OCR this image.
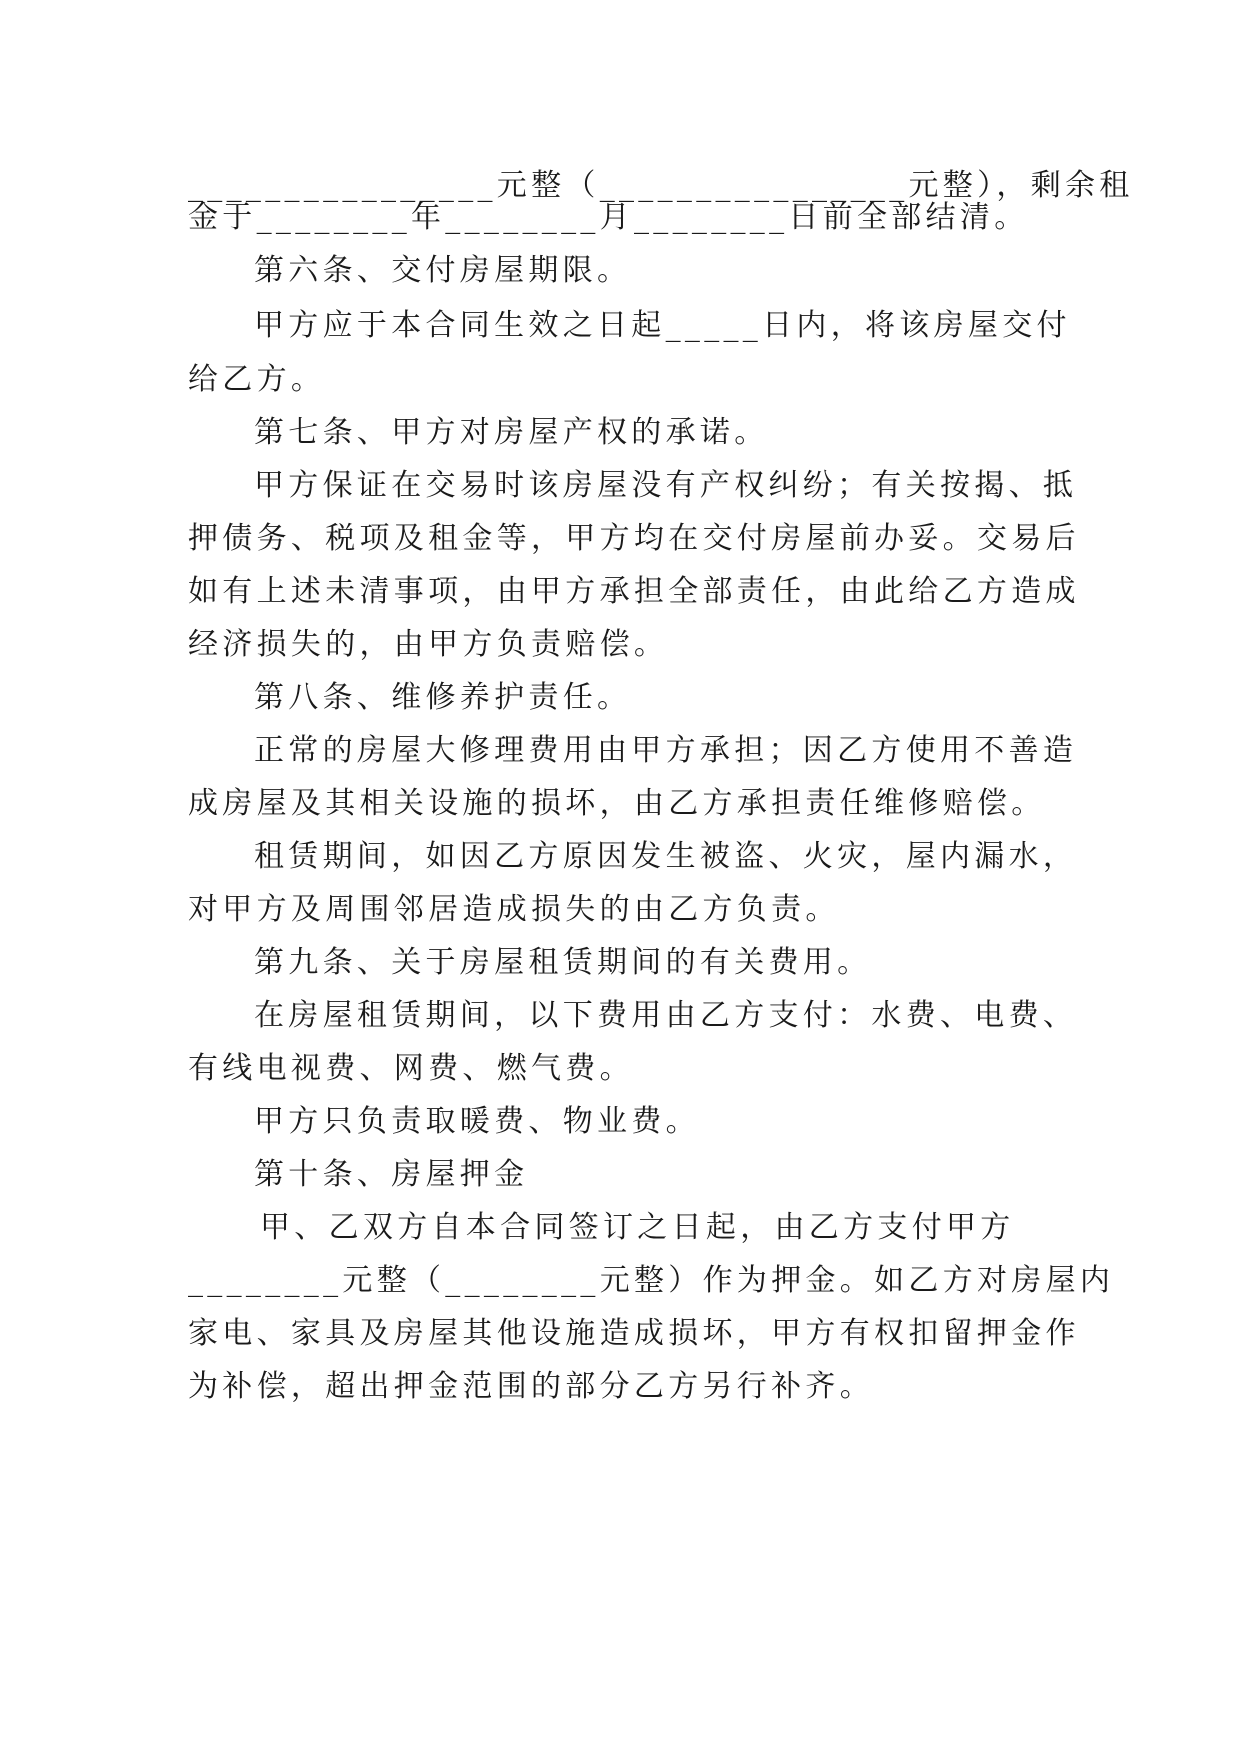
________________元整（________________元整），剩余租
金于________年________月________日前全部结清。
第六条、交付房屋期限。
甲方应于本合同生效之日起_____日内，将该房屋交付
给乙方。
第七条、甲方对房屋产权的承诺。
甲方保证在交易时该房屋没有产权纠纷；有关按揭、抵
押债务、税项及租金等，甲方均在交付房屋前办妥。交易后
如有上述未清事项，由甲方承担全部责任，由此给乙方造成
经济损失的，由甲方负责赔偿。
第八条、维修养护责任。
正常的房屋大修理费用由甲方承担；因乙方使用不善造
成房屋及其相关设施的损坏，由乙方承担责任维修赔偿。
租赁期间，如因乙方原因发生被盗、火灾，屋内漏水，
对甲方及周围邻居造成损失的由乙方负责。
第九条、关于房屋租赁期间的有关费用。
在房屋租赁期间，以下费用由乙方支付：水费、电费、
有线电视费、网费、燃气费。
甲方只负责取暖费、物业费。
第十条、房屋押金
甲、乙双方自本合同签订之日起，由乙方支付甲方
________元整（________元整）作为押金。如乙方对房屋内
家电、家具及房屋其他设施造成损坏，甲方有权扣留押金作
为补偿，超出押金范围的部分乙方另行补齐。
